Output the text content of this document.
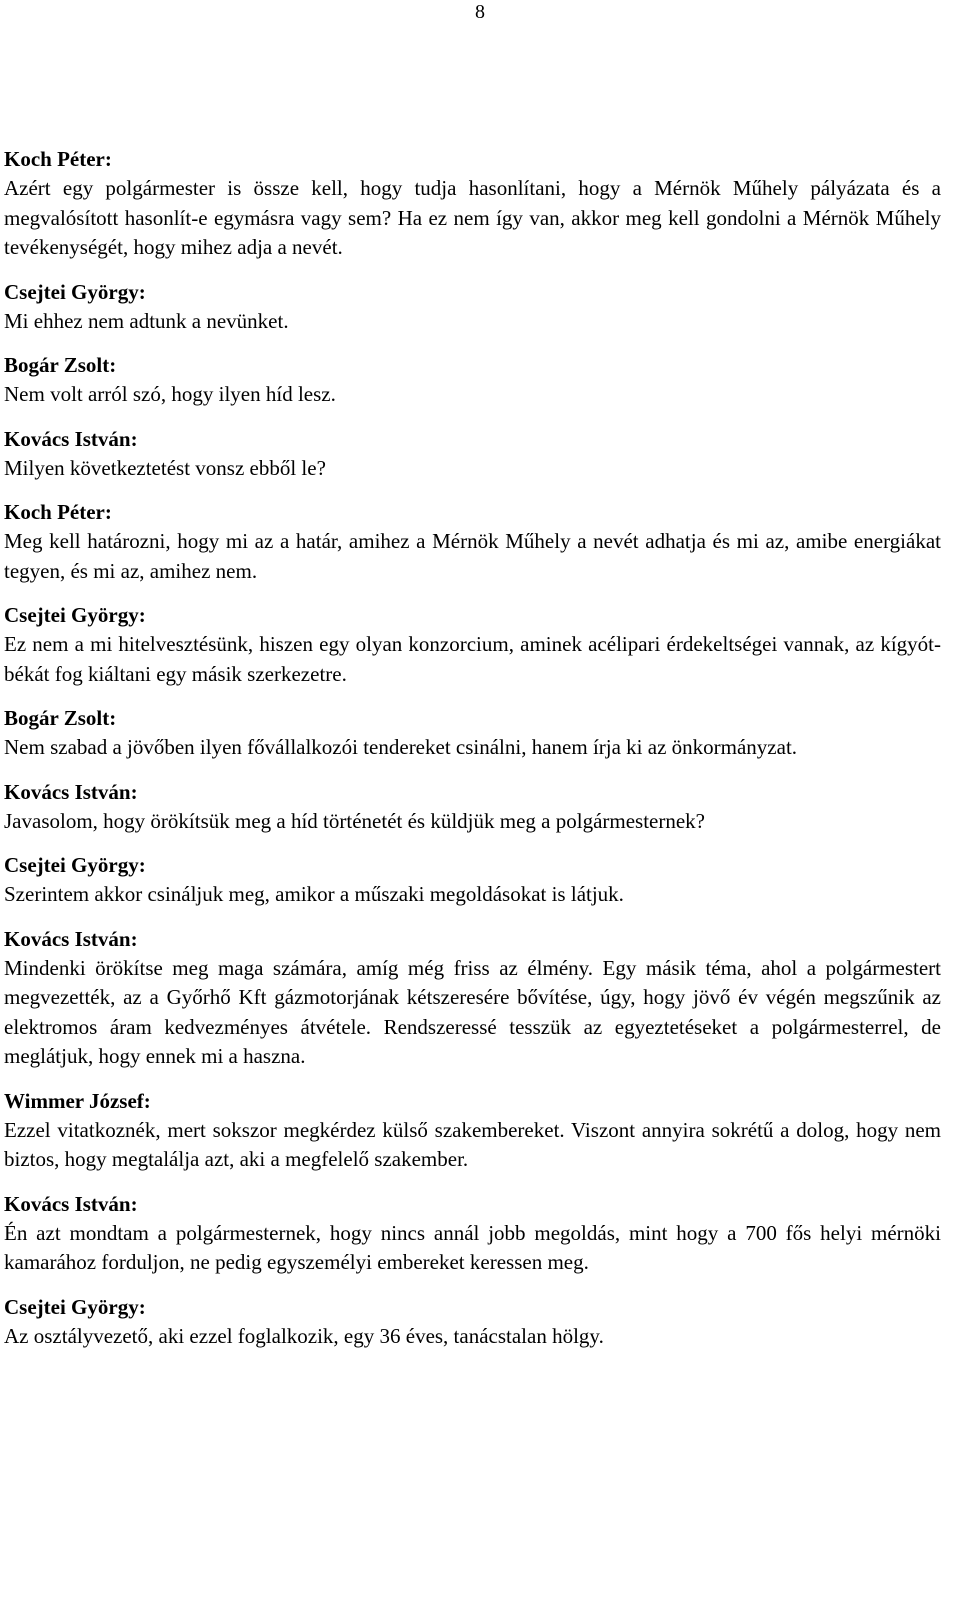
8
Koch Péter:
Azért egy polgármester is össze kell, hogy tudja hasonlítani, hogy a Mérnök Műhely pályázata és a megvalósított hasonlít-e egymásra vagy sem? Ha ez nem így van, akkor meg kell gondolni a Mérnök Műhely tevékenységét, hogy mihez adja a nevét.
Csejtei György:
Mi ehhez nem adtunk a nevünket.
Bogár Zsolt:
Nem volt arról szó, hogy ilyen híd lesz.
Kovács István:
Milyen következtetést vonsz ebből le?
Koch Péter:
Meg kell határozni, hogy mi az a határ, amihez a Mérnök Műhely a nevét adhatja és mi az, amibe energiákat tegyen, és mi az, amihez nem.
Csejtei György:
Ez nem a mi hitelvesztésünk, hiszen egy olyan konzorcium, aminek acélipari érdekeltségei vannak, az kígyót-békát fog kiáltani egy másik szerkezetre.
Bogár Zsolt:
Nem szabad a jövőben ilyen fővállalkozói tendereket csinálni, hanem írja ki az önkormányzat.
Kovács István:
Javasolom, hogy örökítsük meg a híd történetét és küldjük meg a polgármesternek?
Csejtei György:
Szerintem akkor csináljuk meg, amikor a műszaki megoldásokat is látjuk.
Kovács István:
Mindenki örökítse meg maga számára, amíg még friss az élmény. Egy másik téma, ahol a polgármestert megvezették, az a Győrhő Kft gázmotorjának kétszeresére bővítése, úgy, hogy jövő év végén megszűnik az elektromos áram kedvezményes átvétele. Rendszeressé tesszük az egyeztetéseket a polgármesterrel, de meglátjuk, hogy ennek mi a haszna.
Wimmer József:
Ezzel vitatkoznék, mert sokszor megkérdez külső szakembereket. Viszont annyira sokrétű a dolog, hogy nem biztos, hogy megtalálja azt, aki a megfelelő szakember.
Kovács István:
Én azt mondtam a polgármesternek, hogy nincs annál jobb megoldás, mint hogy a 700 fős helyi mérnöki kamarához forduljon, ne pedig egyszemélyi embereket keressen meg.
Csejtei György:
Az osztályvezető, aki ezzel foglalkozik, egy 36 éves, tanácstalan hölgy.
